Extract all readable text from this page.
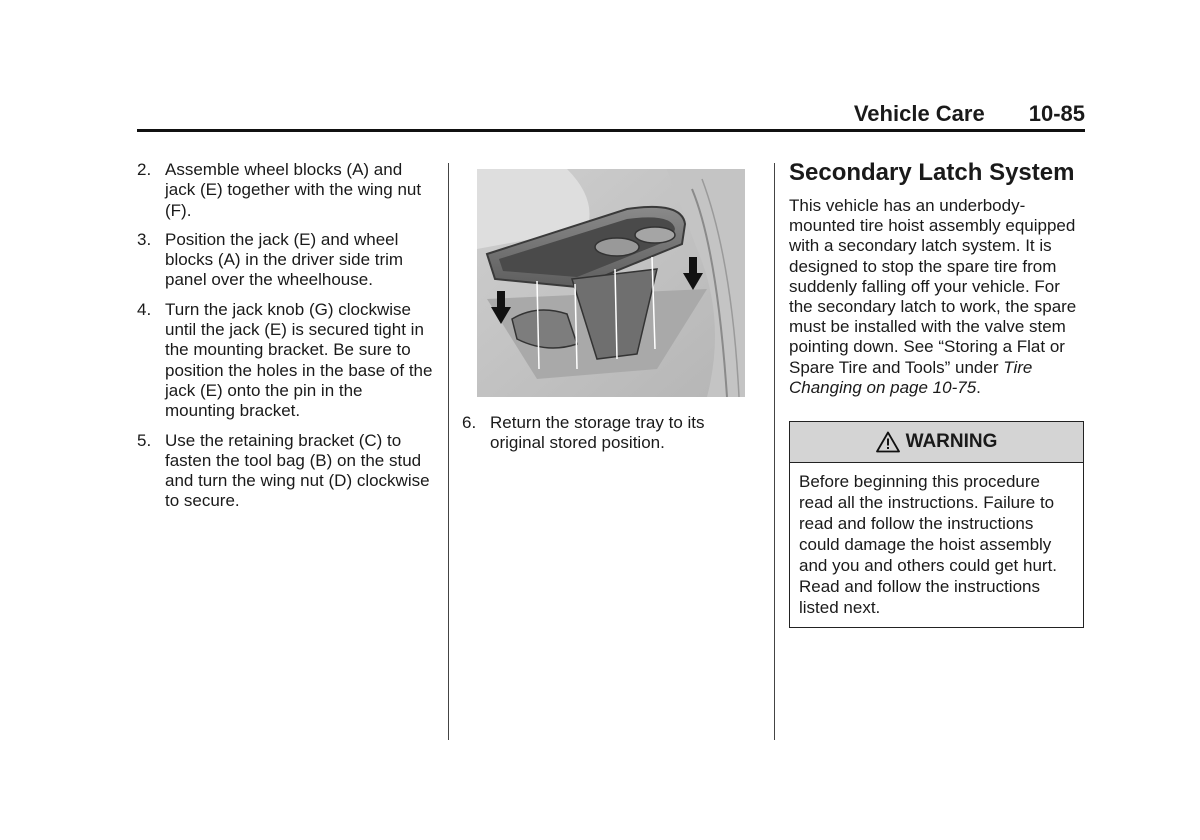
Vehicle Care 10-85
2. Assemble wheel blocks (A) and jack (E) together with the wing nut (F).
3. Position the jack (E) and wheel blocks (A) in the driver side trim panel over the wheelhouse.
4. Turn the jack knob (G) clockwise until the jack (E) is secured tight in the mounting bracket. Be sure to position the holes in the base of the jack (E) onto the pin in the mounting bracket.
5. Use the retaining bracket (C) to fasten the tool bag (B) on the stud and turn the wing nut (D) clockwise to secure.
6. Return the storage tray to its original stored position.
Secondary Latch System

This vehicle has an underbody-mounted tire hoist assembly equipped with a secondary latch system. It is designed to stop the spare tire from suddenly falling off your vehicle. For the secondary latch to work, the spare must be installed with the valve stem pointing down. See “Storing a Flat or Spare Tire and Tools” under Tire Changing on page 10-75.

WARNING
Before beginning this procedure read all the instructions. Failure to read and follow the instructions could damage the hoist assembly and you and others could get hurt. Read and follow the instructions listed next.
